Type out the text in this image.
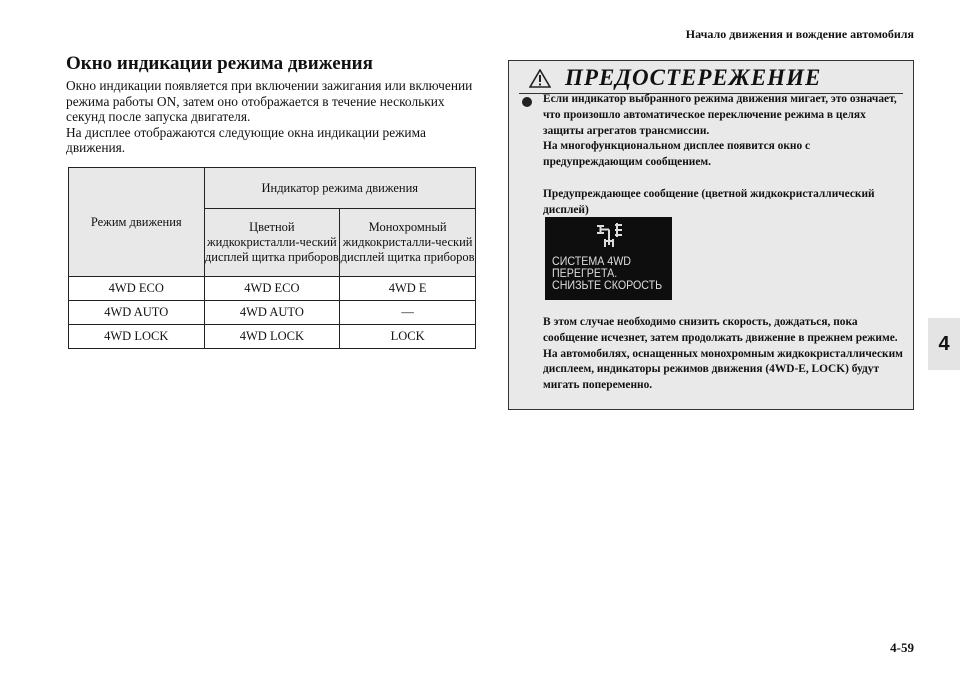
Начало движения и вождение автомобиля
Окно индикации режима движения

Окно индикации появляется при включении зажигания или включении режима работы ON, затем оно отображается в течение нескольких секунд после запуска двигателя.

На дисплее отображаются следующие окна индикации режима движения.

Режим движения	Индикатор режима движения	
	Цветной жидкокристалли-ческий дисплей щитка приборов	Монохромный жидкокристалли-ческий дисплей щитка приборов
4WD ECO	4WD ECO	4WD E
4WD AUTO	4WD AUTO	—
4WD LOCK	4WD LOCK	LOCK
ПРЕДОСТЕРЕЖЕНИЕ

Если индикатор выбранного режима движения мигает, это означает, что произошло автоматическое переключение режима в целях защиты агрегатов трансмиссии.

На многофункциональном дисплее появится окно с предупреждающим сообщением.

Предупреждающее сообщение (цветной жидкокристаллический дисплей)

СИСТЕМА 4WD
ПЕРЕГРЕТА.
СНИЗЬТЕ СКОРОСТЬ

В этом случае необходимо снизить скорость, дождаться, пока сообщение исчезнет, затем продолжать движение в прежнем режиме.

На автомобилях, оснащенных монохромным жидкокристаллическим дисплеем, индикаторы режимов движения (4WD-E, LOCK) будут мигать попеременно.

4
4-59
